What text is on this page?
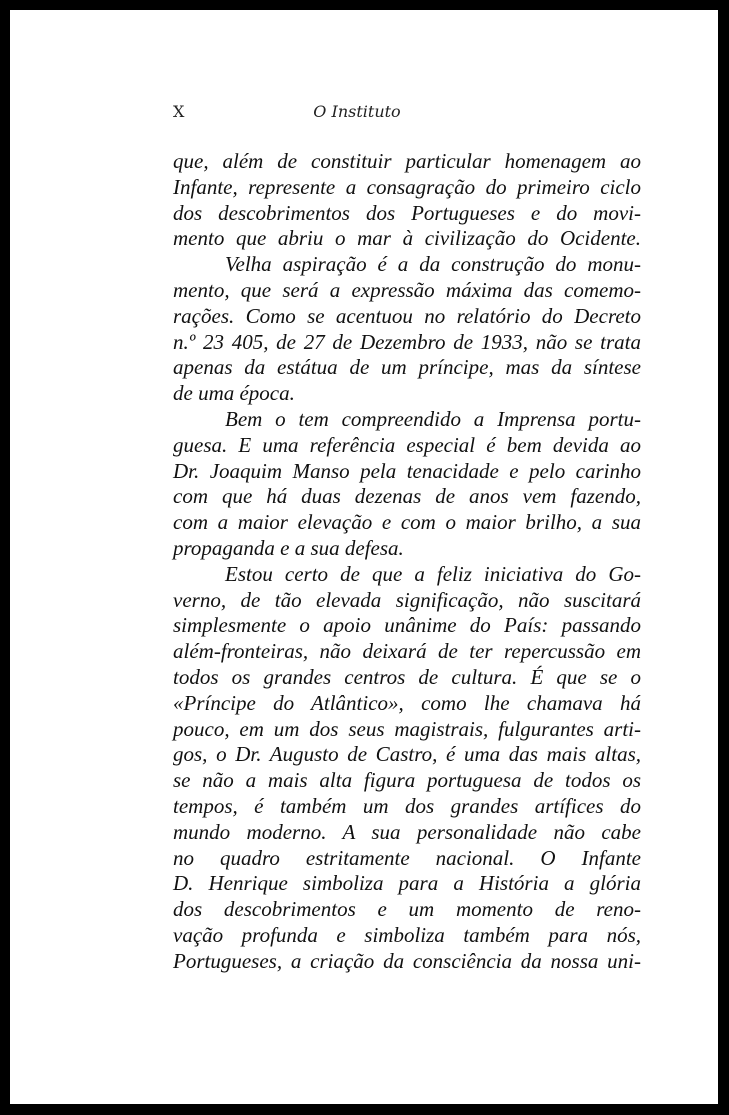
X	O Instituto

que, além de constituir particular homenagem ao
Infante, represente a consagração do primeiro ciclo
dos descobrimentos dos Portugueses e do movi-
mento que abriu o mar à civilização do Ocidente.

Velha aspiração é a da construção do monu-
mento, que será a expressão máxima das comemo-
rações. Como se acentuou no relatório do Decreto
n.º 23 405, de 27 de Dezembro de 1933, não se trata
apenas da estátua de um príncipe, mas da síntese
de uma época.

Bem o tem compreendido a Imprensa portu-
guesa. E uma referência especial é bem devida ao
Dr. Joaquim Manso pela tenacidade e pelo carinho
com que há duas dezenas de anos vem fazendo,
com a maior elevação e com o maior brilho, a sua
propaganda e a sua defesa.

Estou certo de que a feliz iniciativa do Go-
verno, de tão elevada significação, não suscitará
simplesmente o apoio unânime do País: passando
além-fronteiras, não deixará de ter repercussão em
todos os grandes centros de cultura. É que se o
«Príncipe do Atlântico», como lhe chamava há
pouco, em um dos seus magistrais, fulgurantes arti-
gos, o Dr. Augusto de Castro, é uma das mais altas,
se não a mais alta figura portuguesa de todos os
tempos, é também um dos grandes artífices do
mundo moderno. A sua personalidade não cabe
no quadro estritamente nacional. O Infante
D. Henrique simboliza para a História a glória
dos descobrimentos e um momento de reno-
vação profunda e simboliza também para nós,
Portugueses, a criação da consciência da nossa uni-
